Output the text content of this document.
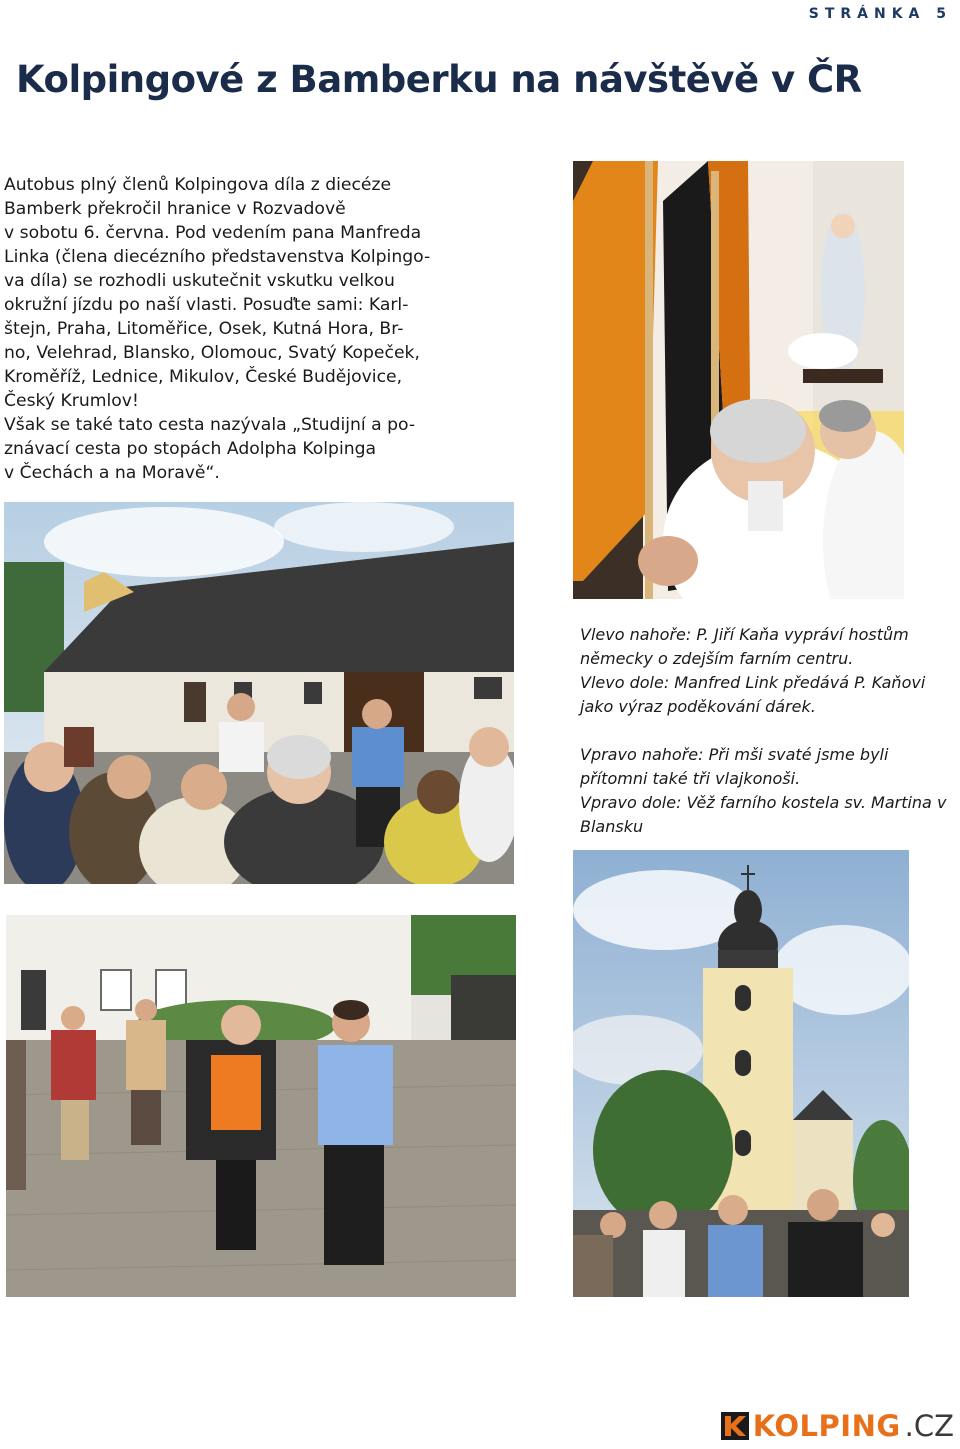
STRÁNKA 5
Kolpingové z Bamberku na návštěvě v ČR

Autobus plný členů Kolpingova díla z diecéze
Bamberk překročil hranice v Rozvadově
v sobotu 6. června. Pod vedením pana Manfreda
Linka (člena diecézního představenstva Kolpingo-
va díla) se rozhodli uskutečnit vskutku velkou
okružní jízdu po naší vlasti. Posuďte sami: Karl-
štejn, Praha, Litoměřice, Osek, Kutná Hora, Br-
no, Velehrad, Blansko, Olomouc, Svatý Kopeček,
Kroměříž, Lednice, Mikulov, České Budějovice,
Český Krumlov!

Však se také tato cesta nazývala „Studijní a po-
znávací cesta po stopách Adolpha Kolpinga
v Čechách a na Moravě“.

Vlevo nahoře: P. Jiří Kaňa vypráví hostům německy o zdejším farním centru.

Vlevo dole: Manfred Link předává P. Kaňovi jako výraz poděkování dárek.

Vpravo nahoře: Při mši svaté jsme byli přítomni také tři vlajkonoši.

Vpravo dole: Věž farního kostela sv. Martina v Blansku

KOLPING .CZ
